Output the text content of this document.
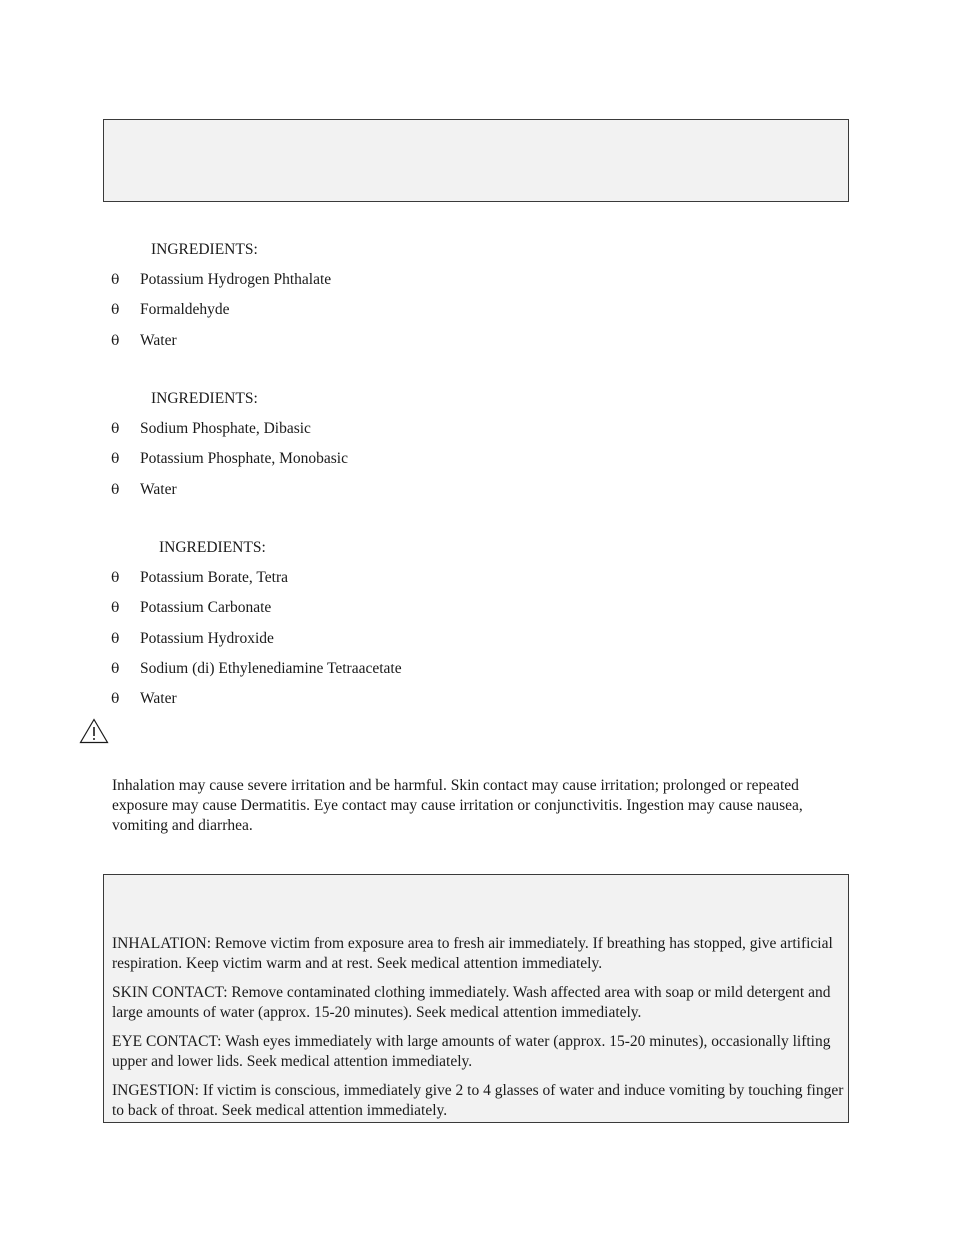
INGREDIENTS:
θ	Potassium Hydrogen Phthalate
θ	Formaldehyde
θ	Water
INGREDIENTS:
θ	Sodium Phosphate, Dibasic
θ	Potassium Phosphate, Monobasic
θ	Water
INGREDIENTS:
θ	Potassium Borate, Tetra
θ	Potassium Carbonate
θ	Potassium Hydroxide
θ	Sodium (di) Ethylenediamine Tetraacetate
θ	Water

Inhalation may cause severe irritation and be harmful. Skin contact may cause irritation; prolonged or repeated exposure may cause Dermatitis. Eye contact may cause irritation or conjunctivitis. Ingestion may cause nausea, vomiting and diarrhea.

INHALATION: Remove victim from exposure area to fresh air immediately. If breathing has stopped, give artificial respiration. Keep victim warm and at rest. Seek medical attention immediately.

SKIN CONTACT: Remove contaminated clothing immediately. Wash affected area with soap or mild detergent and large amounts of water (approx. 15-20 minutes). Seek medical attention immediately.

EYE CONTACT: Wash eyes immediately with large amounts of water (approx. 15-20 minutes), occasionally lifting upper and lower lids. Seek medical attention immediately.

INGESTION: If victim is conscious, immediately give 2 to 4 glasses of water and induce vomiting by touching finger to back of throat. Seek medical attention immediately.
